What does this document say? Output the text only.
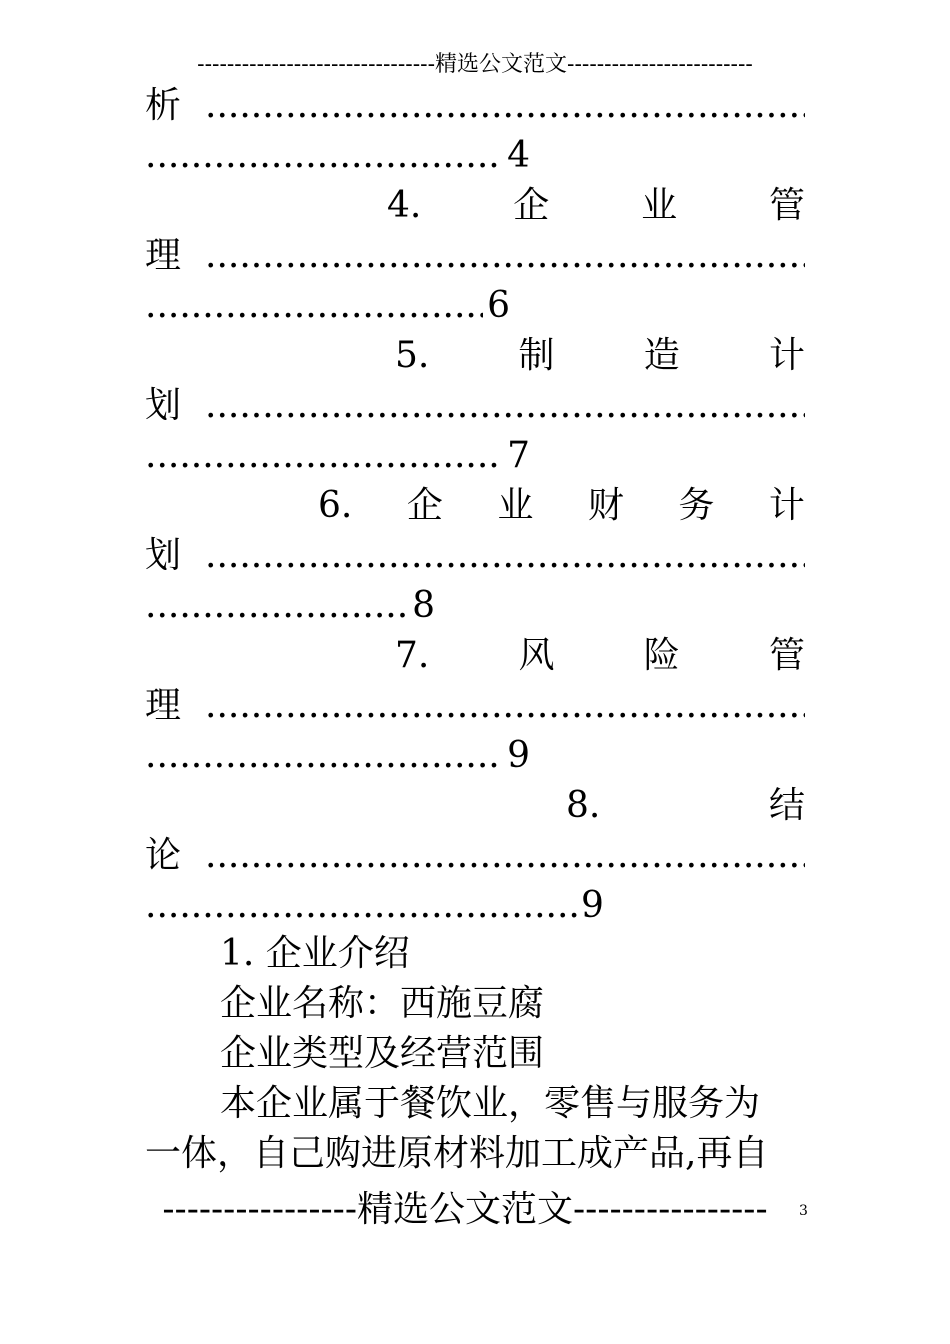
--------------------------------精选公文范文-------------------------
析
.....
.....
4
4.	企	业	管
理
.....
.....
6
5. 制 造 计
划
.....
.....
7
6. 企 业 财 务 计
划
.....
.....
8
7. 风 险 管
理
.....
.....
9
8.	结
论
.....
.....
9
1. 企业介绍
企业名称：西施豆腐
企业类型及经营范围
本企业属于餐饮业，零售与服务为
一体，自己购进原材料加工成产品,再自
----------------精选公文范文----------------	3
